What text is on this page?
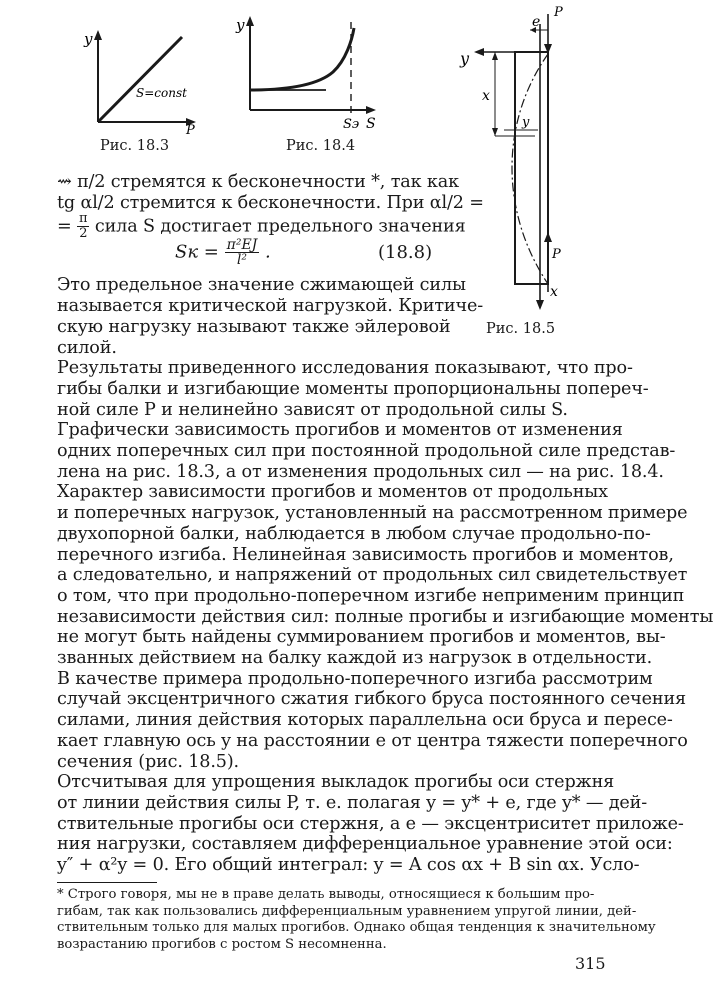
y
P
S=const
Рис. 18.3
y
S
Sэ
Рис. 18.4
y
e
P
x
y
P
x
Рис. 18.5
⇝ π/2 стремятся к бесконечности *, так как
tg αl/2 стремится к бесконечности. При αl/2 =
= $\frac{\pi}{2}$ сила S достигает предельного значения
Sк = $\frac{\text{π²EJ}}{\text{l²}}$ .	(18.8)
Это предельное значение сжимающей силы
называется критической нагрузкой. Критиче-
скую нагрузку называют также эйлеровой
силой.
Результаты приведенного исследования показывают, что про-
гибы балки и изгибающие моменты пропорциональны попереч-
ной силе P и нелинейно зависят от продольной силы S.
Графически зависимость прогибов и моментов от изменения
одних поперечных сил при постоянной продольной силе представ-
лена на рис. 18.3, а от изменения продольных сил — на рис. 18.4.
Характер зависимости прогибов и моментов от продольных
и поперечных нагрузок, установленный на рассмотренном примере
двухопорной балки, наблюдается в любом случае продольно-по-
перечного изгиба. Нелинейная зависимость прогибов и моментов,
а следовательно, и напряжений от продольных сил свидетельствует
о том, что при продольно-поперечном изгибе неприменим принцип
независимости действия сил: полные прогибы и изгибающие моменты
не могут быть найдены суммированием прогибов и моментов, вы-
званных действием на балку каждой из нагрузок в отдельности.
В качестве примера продольно-поперечного изгиба рассмотрим
случай эксцентричного сжатия гибкого бруса постоянного сечения
силами, линия действия которых параллельна оси бруса и пересе-
кает главную ось y на расстоянии e от центра тяжести поперечного
сечения (рис. 18.5).
Отсчитывая для упрощения выкладок прогибы оси стержня
от линии действия силы P, т. е. полагая y = y* + e, где y* — дей-
ствительные прогибы оси стержня, а e — эксцентриситет приложе-
ния нагрузки, составляем дифференциальное уравнение этой оси:
y″ + α²y = 0. Его общий интеграл: y = A cos αx + B sin αx. Усло-
* Строго говоря, мы не в праве делать выводы, относящиеся к большим про-
гибам, так как пользовались дифференциальным уравнением упругой линии, дей-
ствительным только для малых прогибов. Однако общая тенденция к значительному
возрастанию прогибов с ростом S несомненна.
315
